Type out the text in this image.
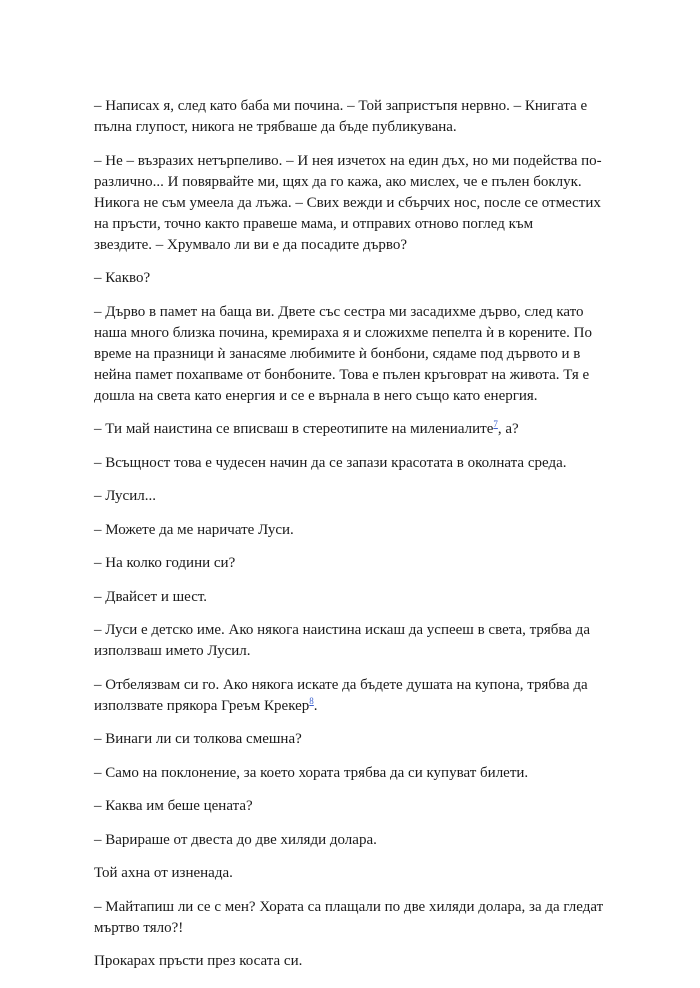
– Написах я, след като баба ми почина. – Той запристъпя нервно. – Книгата е
пълна глупост, никога не трябваше да бъде публикувана.

– Не – възразих нетърпеливо. – И нея изчетох на един дъх, но ми подейства по-
различно... И повярвайте ми, щях да го кажа, ако мислех, че е пълен боклук.
Никога не съм умеела да лъжа. – Свих вежди и сбърчих нос, после се отместих
на пръсти, точно както правеше мама, и отправих отново поглед към
звездите. – Хрумвало ли ви е да посадите дърво?

– Какво?

– Дърво в памет на баща ви. Двете със сестра ми засадихме дърво, след като
наша много близка почина, кремираха я и сложихме пепелта ѝ в корените. По
време на празници ѝ занасяме любимите ѝ бонбони, сядаме под дървото и в
нейна памет похапваме от бонбоните. Това е пълен кръговрат на живота. Тя е
дошла на света като енергия и се е върнала в него също като енергия.

– Ти май наистина се вписваш в стереотипите на милениалите$^7$, а?

– Всъщност това е чудесен начин да се запази красотата в околната среда.

– Лусил...

– Можете да ме наричате Луси.

– На колко години си?

– Двайсет и шест.

– Луси е детско име. Ако някога наистина искаш да успееш в света, трябва да
използваш името Лусил.

– Отбелязвам си го. Ако някога искате да бъдете душата на купона, трябва да
използвате прякора Греъм Крекер$^8$.

– Винаги ли си толкова смешна?

– Само на поклонение, за което хората трябва да си купуват билети.

– Каква им беше цената?

– Варираше от двеста до две хиляди долара.

Той ахна от изненада.

– Майтапиш ли се с мен? Хората са плащали по две хиляди долара, за да гледат
мъртво тяло?!

Прокарах пръсти през косата си.
